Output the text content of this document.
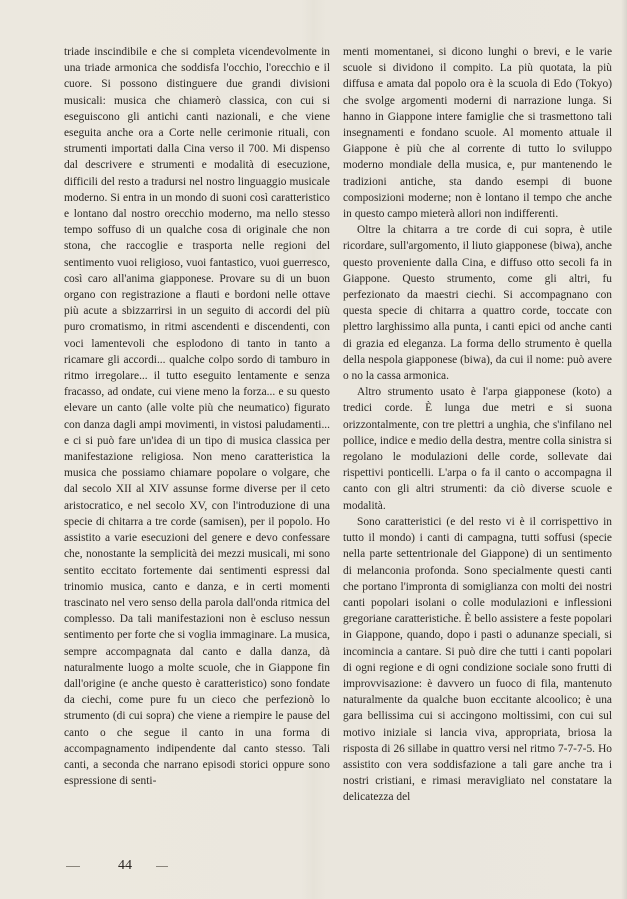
triade inscindibile e che si completa vicendevolmente in una triade armonica che soddisfa l'occhio, l'orecchio e il cuore. Si possono distinguere due grandi divisioni musicali: musica che chiamerò classica, con cui si eseguiscono gli antichi canti nazionali, e che viene eseguita anche ora a Corte nelle cerimonie rituali, con strumenti importati dalla Cina verso il 700. Mi dispenso dal descrivere e strumenti e modalità di esecuzione, difficili del resto a tradursi nel nostro linguaggio musicale moderno. Si entra in un mondo di suoni così caratteristico e lontano dal nostro orecchio moderno, ma nello stesso tempo soffuso di un qualche cosa di originale che non stona, che raccoglie e trasporta nelle regioni del sentimento vuoi religioso, vuoi fantastico, vuoi guerresco, così caro all'anima giapponese. Provare su di un buon organo con registrazione a flauti e bordoni nelle ottave più acute a sbizzarrirsi in un seguito di accordi del più puro cromatismo, in ritmi ascendenti e discendenti, con voci lamentevoli che esplodono di tanto in tanto a ricamare gli accordi... qualche colpo sordo di tamburo in ritmo irregolare... il tutto eseguito lentamente e senza fracasso, ad ondate, cui viene meno la forza... e su questo elevare un canto (alle volte più che neumatico) figurato con danza dagli ampi movimenti, in vistosi paludamenti... e ci si può fare un'idea di un tipo di musica classica per manifestazione religiosa. Non meno caratteristica la musica che possiamo chiamare popolare o volgare, che dal secolo XII al XIV assunse forme diverse per il ceto aristocratico, e nel secolo XV, con l'introduzione di una specie di chitarra a tre corde (samisen), per il popolo. Ho assistito a varie esecuzioni del genere e devo confessare che, nonostante la semplicità dei mezzi musicali, mi sono sentito eccitato fortemente dai sentimenti espressi dal trinomio musica, canto e danza, e in certi momenti trascinato nel vero senso della parola dall'onda ritmica del complesso. Da tali manifestazioni non è escluso nessun sentimento per forte che si voglia immaginare. La musica, sempre accompagnata dal canto e dalla danza, dà naturalmente luogo a molte scuole, che in Giappone fin dall'origine (e anche questo è caratteristico) sono fondate da ciechi, come pure fu un cieco che perfezionò lo strumento (di cui sopra) che viene a riempire le pause del canto o che segue il canto in una forma di accompagnamento indipendente dal canto stesso. Tali canti, a seconda che narrano episodi storici oppure sono espressione di senti-

menti momentanei, si dicono lunghi o brevi, e le varie scuole si dividono il compito. La più quotata, la più diffusa e amata dal popolo ora è la scuola di Edo (Tokyo) che svolge argomenti moderni di narrazione lunga. Si hanno in Giappone intere famiglie che si trasmettono tali insegnamenti e fondano scuole. Al momento attuale il Giappone è più che al corrente di tutto lo sviluppo moderno mondiale della musica, e, pur mantenendo le tradizioni antiche, sta dando esempi di buone composizioni moderne; non è lontano il tempo che anche in questo campo mieterà allori non indifferenti.

Oltre la chitarra a tre corde di cui sopra, è utile ricordare, sull'argomento, il liuto giapponese (biwa), anche questo proveniente dalla Cina, e diffuso otto secoli fa in Giappone. Questo strumento, come gli altri, fu perfezionato da maestri ciechi. Si accompagnano con questa specie di chitarra a quattro corde, toccate con plettro larghissimo alla punta, i canti epici od anche canti di grazia ed eleganza. La forma dello strumento è quella della nespola giapponese (biwa), da cui il nome: può avere o no la cassa armonica.

Altro strumento usato è l'arpa giapponese (koto) a tredici corde. È lunga due metri e si suona orizzontalmente, con tre plettri a unghia, che s'infilano nel pollice, indice e medio della destra, mentre colla sinistra si regolano le modulazioni delle corde, sollevate dai rispettivi ponticelli. L'arpa o fa il canto o accompagna il canto con gli altri strumenti: da ciò diverse scuole e modalità.

Sono caratteristici (e del resto vi è il corrispettivo in tutto il mondo) i canti di campagna, tutti soffusi (specie nella parte settentrionale del Giappone) di un sentimento di melanconia profonda. Sono specialmente questi canti che portano l'impronta di somiglianza con molti dei nostri canti popolari isolani o colle modulazioni e inflessioni gregoriane caratteristiche. È bello assistere a feste popolari in Giappone, quando, dopo i pasti o adunanze speciali, si incomincia a cantare. Si può dire che tutti i canti popolari di ogni regione e di ogni condizione sociale sono frutti di improvvisazione: è davvero un fuoco di fila, mantenuto naturalmente da qualche buon eccitante alcoolico; è una gara bellissima cui si accingono moltissimi, con cui sul motivo iniziale si lancia viva, appropriata, briosa la risposta di 26 sillabe in quattro versi nel ritmo 7-7-7-5. Ho assistito con vera soddisfazione a tali gare anche tra i nostri cristiani, e rimasi meravigliato nel constatare la delicatezza del

44
